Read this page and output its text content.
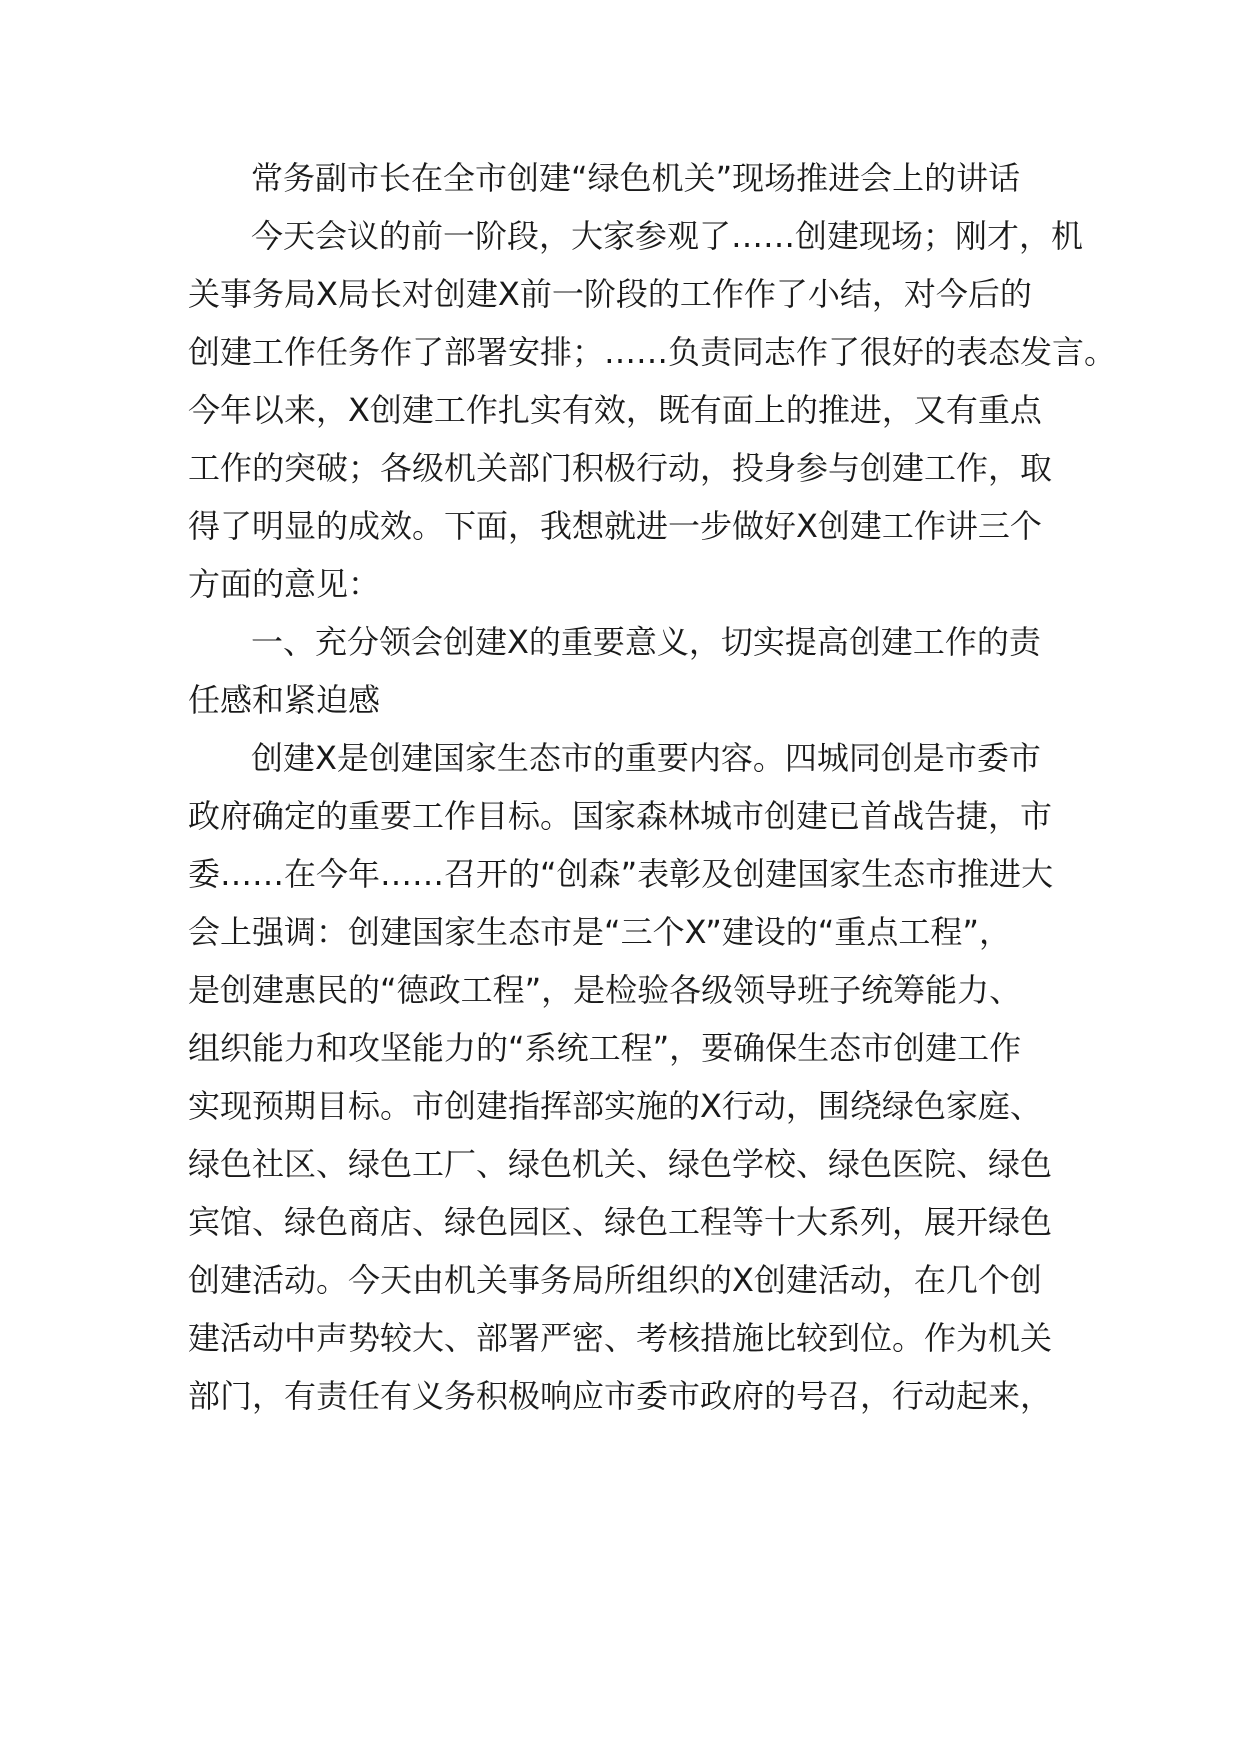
常务副市长在全市创建“绿色机关”现场推进会上的讲话

今天会议的前一阶段，大家参观了……创建现场；刚才，机

关事务局X局长对创建X前一阶段的工作作了小结，对今后的

创建工作任务作了部署安排；……负责同志作了很好的表态发言。

今年以来，X创建工作扎实有效，既有面上的推进，又有重点

工作的突破；各级机关部门积极行动，投身参与创建工作，取

得了明显的成效。下面，我想就进一步做好X创建工作讲三个

方面的意见：

一、充分领会创建X的重要意义，切实提高创建工作的责

任感和紧迫感

创建X是创建国家生态市的重要内容。四城同创是市委市

政府确定的重要工作目标。国家森林城市创建已首战告捷，市

委……在今年……召开的“创森”表彰及创建国家生态市推进大

会上强调：创建国家生态市是“三个X”建设的“重点工程”，

是创建惠民的“德政工程”，是检验各级领导班子统筹能力、

组织能力和攻坚能力的“系统工程”，要确保生态市创建工作

实现预期目标。市创建指挥部实施的X行动，围绕绿色家庭、

绿色社区、绿色工厂、绿色机关、绿色学校、绿色医院、绿色

宾馆、绿色商店、绿色园区、绿色工程等十大系列，展开绿色

创建活动。今天由机关事务局所组织的X创建活动，在几个创

建活动中声势较大、部署严密、考核措施比较到位。作为机关

部门，有责任有义务积极响应市委市政府的号召，行动起来，
